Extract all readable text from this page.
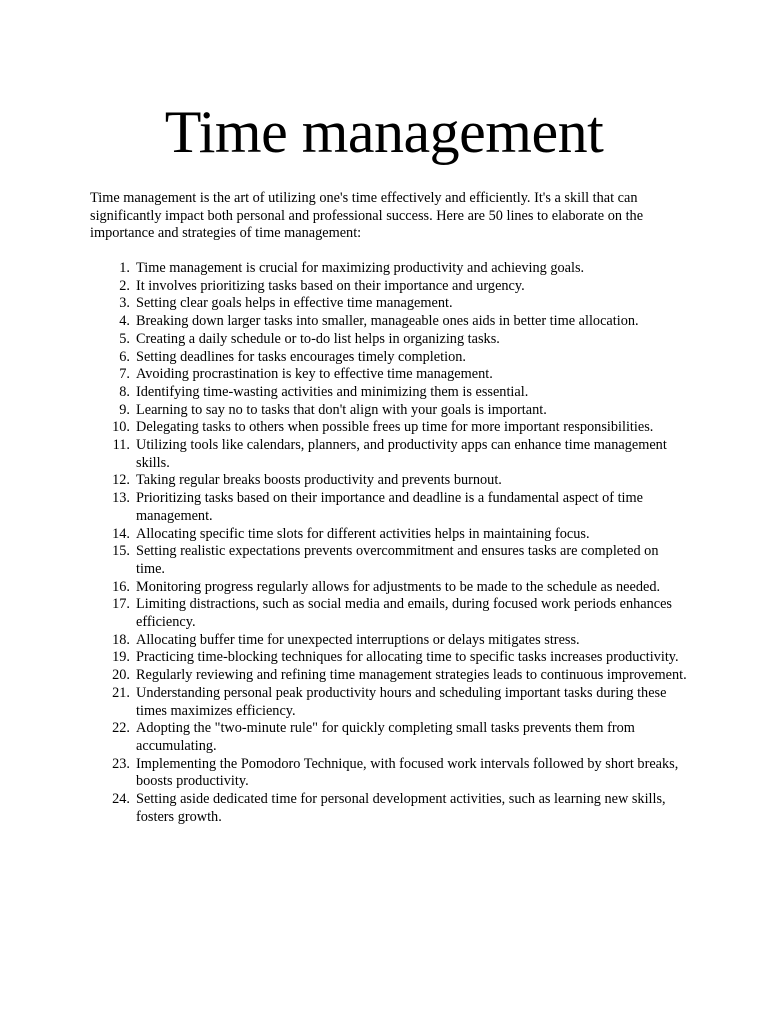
Time management

Time management is the art of utilizing one's time effectively and efficiently. It's a skill that can significantly impact both personal and professional success. Here are 50 lines to elaborate on the importance and strategies of time management:

1. Time management is crucial for maximizing productivity and achieving goals.
2. It involves prioritizing tasks based on their importance and urgency.
3. Setting clear goals helps in effective time management.
4. Breaking down larger tasks into smaller, manageable ones aids in better time allocation.
5. Creating a daily schedule or to-do list helps in organizing tasks.
6. Setting deadlines for tasks encourages timely completion.
7. Avoiding procrastination is key to effective time management.
8. Identifying time-wasting activities and minimizing them is essential.
9. Learning to say no to tasks that don't align with your goals is important.
10. Delegating tasks to others when possible frees up time for more important responsibilities.
11. Utilizing tools like calendars, planners, and productivity apps can enhance time management skills.
12. Taking regular breaks boosts productivity and prevents burnout.
13. Prioritizing tasks based on their importance and deadline is a fundamental aspect of time management.
14. Allocating specific time slots for different activities helps in maintaining focus.
15. Setting realistic expectations prevents overcommitment and ensures tasks are completed on time.
16. Monitoring progress regularly allows for adjustments to be made to the schedule as needed.
17. Limiting distractions, such as social media and emails, during focused work periods enhances efficiency.
18. Allocating buffer time for unexpected interruptions or delays mitigates stress.
19. Practicing time-blocking techniques for allocating time to specific tasks increases productivity.
20. Regularly reviewing and refining time management strategies leads to continuous improvement.
21. Understanding personal peak productivity hours and scheduling important tasks during these times maximizes efficiency.
22. Adopting the "two-minute rule" for quickly completing small tasks prevents them from accumulating.
23. Implementing the Pomodoro Technique, with focused work intervals followed by short breaks, boosts productivity.
24. Setting aside dedicated time for personal development activities, such as learning new skills, fosters growth.
